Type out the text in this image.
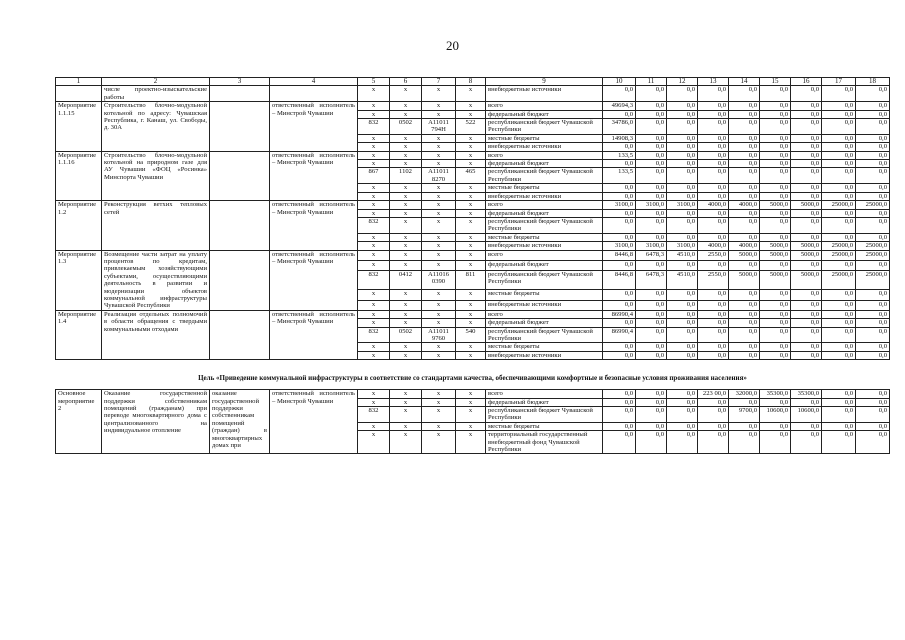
20
1	2	3	4	5	6	7	8	9	10	11	12	13	14	15	16	17	18
	числе проектно-изыскательские работы			x	x	x	x	внебюджетные источники	0,0	0,0	0,0	0,0	0,0	0,0	0,0	0,0	0,0
Мероприятие 1.1.15	Строительство блочно-модульной котельной по адресу: Чувашская Республика, г. Канаш, ул. Свободы, д. 30А		ответственный исполнитель – Минстрой Чувашии	x	x	x	x	всего	49694,3	0,0	0,0	0,0	0,0	0,0	0,0	0,0	0,0
				x	x	x	x	федеральный бюджет	0,0	0,0	0,0	0,0	0,0	0,0	0,0	0,0	0,0
				832	0502	А11011 794Н	522	республиканский бюджет Чувашской Республики	34786,0	0,0	0,0	0,0	0,0	0,0	0,0	0,0	0,0
				x	x	x	x	местные бюджеты	14908,3	0,0	0,0	0,0	0,0	0,0	0,0	0,0	0,0
				x	x	x	x	внебюджетные источники	0,0	0,0	0,0	0,0	0,0	0,0	0,0	0,0	0,0
Мероприятие 1.1.16	Строительство блочно-модульной котельной на природном газе для АУ Чувашии «ФОЦ «Росинка» Минспорта Чувашии		ответственный исполнитель – Минстрой Чувашии	x	x	x	x	всего	133,5	0,0	0,0	0,0	0,0	0,0	0,0	0,0	0,0
				x	x	x	x	федеральный бюджет	0,0	0,0	0,0	0,0	0,0	0,0	0,0	0,0	0,0
				867	1102	А11011 8270	465	республиканский бюджет Чувашской Республики	133,5	0,0	0,0	0,0	0,0	0,0	0,0	0,0	0,0
				x	x	x	x	местные бюджеты	0,0	0,0	0,0	0,0	0,0	0,0	0,0	0,0	0,0
				x	x	x	x	внебюджетные источники	0,0	0,0	0,0	0,0	0,0	0,0	0,0	0,0	0,0
Мероприятие 1.2	Реконструкция ветхих тепловых сетей		ответственный исполнитель – Минстрой Чувашии	x	x	x	x	всего	3100,0	3100,0	3100,0	4000,0	4000,0	5000,0	5000,0	25000,0	25000,0
				x	x	x	x	федеральный бюджет	0,0	0,0	0,0	0,0	0,0	0,0	0,0	0,0	0,0
				832	x	x	x	республиканский бюджет Чувашской Республики	0,0	0,0	0,0	0,0	0,0	0,0	0,0	0,0	0,0
				x	x	x	x	местные бюджеты	0,0	0,0	0,0	0,0	0,0	0,0	0,0	0,0	0,0
				x	x	x	x	внебюджетные источники	3100,0	3100,0	3100,0	4000,0	4000,0	5000,0	5000,0	25000,0	25000,0
Мероприятие 1.3	Возмещение части затрат на уплату процентов по кредитам, привлекаемым хозяйствующими субъектами, осуществляющими деятельность в развитии и модернизации объектов коммунальной инфраструктуры Чувашской Республики		ответственный исполнитель – Минстрой Чувашии	x	x	x	x	всего	8446,8	6478,3	4510,0	2550,0	5000,0	5000,0	5000,0	25000,0	25000,0
				x	x	x	x	федеральный бюджет	0,0	0,0	0,0	0,0	0,0	0,0	0,0	0,0	0,0
				832	0412	А11016 0390	811	республиканский бюджет Чувашской Республики	8446,8	6478,3	4510,0	2550,0	5000,0	5000,0	5000,0	25000,0	25000,0
				x	x	x	x	местные бюджеты	0,0	0,0	0,0	0,0	0,0	0,0	0,0	0,0	0,0
				x	x	x	x	внебюджетные источники	0,0	0,0	0,0	0,0	0,0	0,0	0,0	0,0	0,0
Мероприятие 1.4	Реализация отдельных полномочий в области обращения с твердыми коммунальными отходами		ответственный исполнитель – Минстрой Чувашии	x	x	x	x	всего	86990,4	0,0	0,0	0,0	0,0	0,0	0,0	0,0	0,0
				x	x	x	x	федеральный бюджет	0,0	0,0	0,0	0,0	0,0	0,0	0,0	0,0	0,0
				832	0502	А11011 9760	540	республиканский бюджет Чувашской Республики	86990,4	0,0	0,0	0,0	0,0	0,0	0,0	0,0	0,0
				x	x	x	x	местные бюджеты	0,0	0,0	0,0	0,0	0,0	0,0	0,0	0,0	0,0
				x	x	x	x	внебюджетные источники	0,0	0,0	0,0	0,0	0,0	0,0	0,0	0,0	0,0

Цель «Приведение коммунальной инфраструктуры в соответствие со стандартами качества, обеспечивающими комфортные и безопасные условия проживания населения»																	
Основное мероприятие 2	Оказание государственной поддержки собственникам помещений (гражданам) при переводе многоквартирного дома с централизованного на индивидуальное отопление	оказание государственной поддержки собственникам помещений (граждан) в многоквартирных домах при	ответственный исполнитель – Минстрой Чувашии	x	x	x	x	всего	0,0	0,0	0,0	223 00,0	32000,0	35300,0	35300,0	0,0	0,0
				x	x	x	x	федеральный бюджет	0,0	0,0	0,0	0,0	0,0	0,0	0,0	0,0	0,0
				832	x	x	x	республиканский бюджет Чувашской Республики	0,0	0,0	0,0	0,0	9700,0	10600,0	10600,0	0,0	0,0
				x	x	x	x	местные бюджеты	0,0	0,0	0,0	0,0	0,0	0,0	0,0	0,0	0,0
				x	x	x	x	территориальный государственный внебюджетный фонд Чувашской Республики	0,0	0,0	0,0	0,0	0,0	0,0	0,0	0,0	0,0
